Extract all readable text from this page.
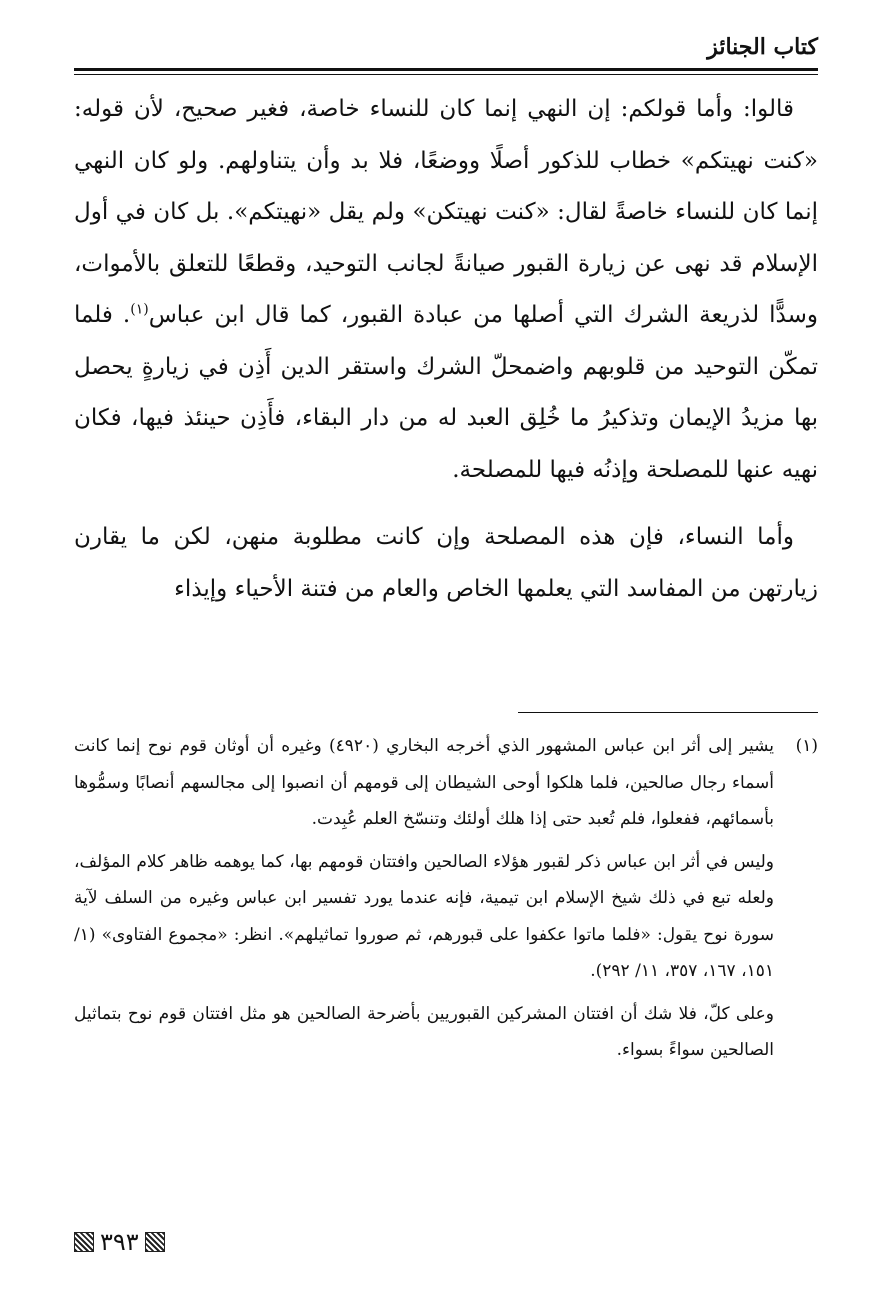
كتاب الجنائز

قالوا: وأما قولكم: إن النهي إنما كان للنساء خاصة، فغير صحيح، لأن قوله: «كنت نهيتكم» خطاب للذكور أصلًا ووضعًا، فلا بد وأن يتناولهم. ولو كان النهي إنما كان للنساء خاصةً لقال: «كنت نهيتكن» ولم يقل «نهيتكم». بل كان في أول الإسلام قد نهى عن زيارة القبور صيانةً لجانب التوحيد، وقطعًا للتعلق بالأموات، وسدًّا لذريعة الشرك التي أصلها من عبادة القبور، كما قال ابن عباس$^{(١)}$. فلما تمكّن التوحيد من قلوبهم واضمحلّ الشرك واستقر الدين أَذِن في زيارةٍ يحصل بها مزيدُ الإيمان وتذكيرُ ما خُلِق العبد له من دار البقاء، فأَذِن حينئذ فيها، فكان نهيه عنها للمصلحة وإذنُه فيها للمصلحة.

وأما النساء، فإن هذه المصلحة وإن كانت مطلوبة منهن، لكن ما يقارن زيارتهن من المفاسد التي يعلمها الخاص والعام من فتنة الأحياء وإيذاء

(١)
يشير إلى أثر ابن عباس المشهور الذي أخرجه البخاري (٤٩٢٠) وغيره أن أوثان قوم نوح إنما كانت أسماء رجال صالحين، فلما هلكوا أوحى الشيطان إلى قومهم أن انصبوا إلى مجالسهم أنصابًا وسمُّوها بأسمائهم، ففعلوا، فلم تُعبد حتى إذا هلك أولئك وتنسّخ العلم عُبِدت.

وليس في أثر ابن عباس ذكر لقبور هؤلاء الصالحين وافتتان قومهم بها، كما يوهمه ظاهر كلام المؤلف، ولعله تبع في ذلك شيخ الإسلام ابن تيمية، فإنه عندما يورد تفسير ابن عباس وغيره من السلف لآية سورة نوح يقول: «فلما ماتوا عكفوا على قبورهم، ثم صوروا تماثيلهم». انظر: «مجموع الفتاوى» (١/ ١٥١، ١٦٧، ٣٥٧، ١١/ ٢٩٢).

وعلى كلّ، فلا شك أن افتتان المشركين القبوريين بأضرحة الصالحين هو مثل افتتان قوم نوح بتماثيل الصالحين سواءً بسواء.

٣٩٣
